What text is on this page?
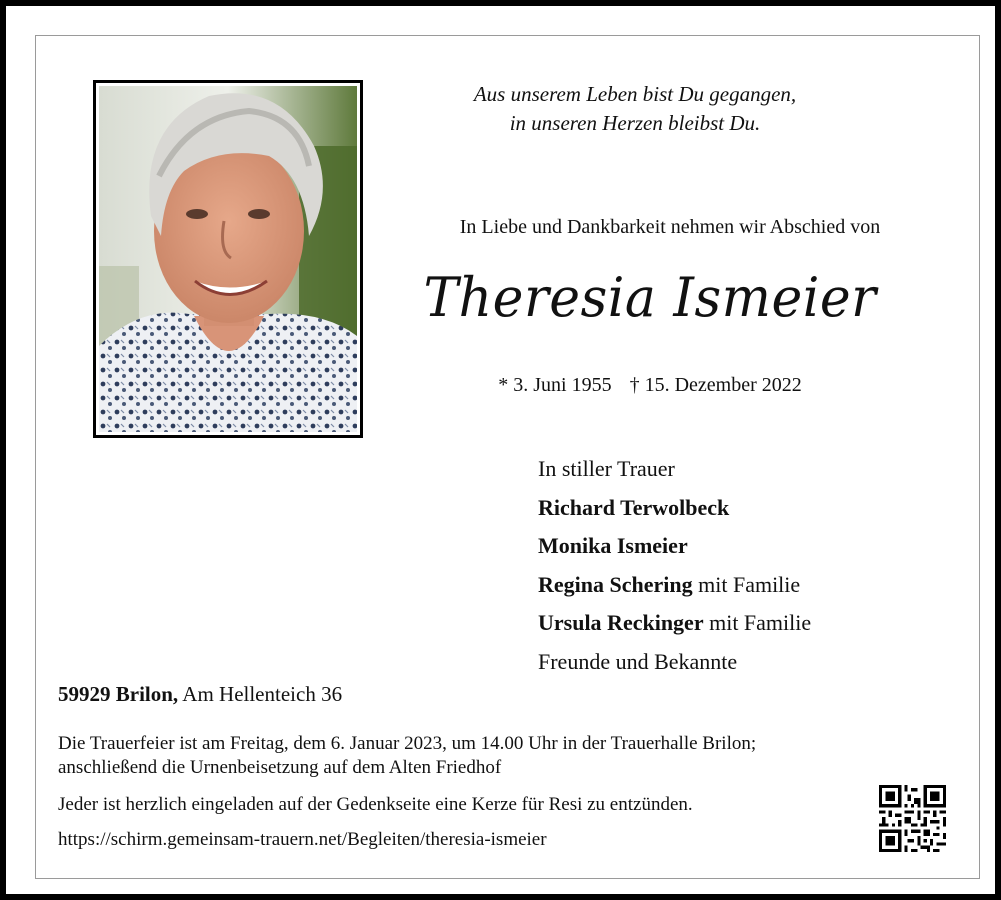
Aus unserem Leben bist Du gegangen,
in unseren Herzen bleibst Du.
In Liebe und Dankbarkeit nehmen wir Abschied von
Theresia Ismeier
* 3. Juni 1955 † 15. Dezember 2022
In stiller Trauer
Richard Terwolbeck
Monika Ismeier
Regina Schering mit Familie
Ursula Reckinger mit Familie
Freunde und Bekannte
59929 Brilon, Am Hellenteich 36

Die Trauerfeier ist am Freitag, dem 6. Januar 2023, um 14.00 Uhr in der Trauerhalle Brilon;

anschließend die Urnenbeisetzung auf dem Alten Friedhof

Jeder ist herzlich eingeladen auf der Gedenkseite eine Kerze für Resi zu entzünden.
https://schirm.gemeinsam-trauern.net/Begleiten/theresia-ismeier
